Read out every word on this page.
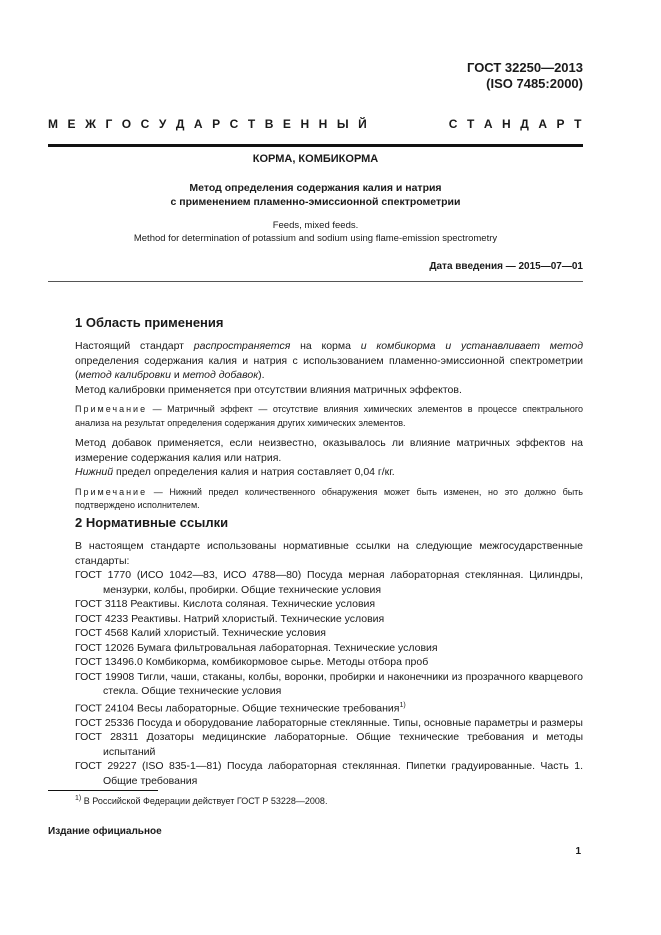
ГОСТ 32250—2013
(ISO 7485:2000)
М Е Ж Г О С У Д А Р С Т В Е Н Н Ы Й	С Т А Н Д А Р Т
КОРМА, КОМБИКОРМА
Метод определения содержания калия и натрия
с применением пламенно-эмиссионной спектрометрии
Feeds, mixed feeds.
Method for determination of potassium and sodium using flame-emission spectrometry
Дата введения — 2015—07—01
1 Область применения

Настоящий стандарт распространяется на корма и комбикорма и устанавливает метод определения содержания калия и натрия с использованием пламенно-эмиссионной спектрометрии (метод калибровки и метод добавок).

Метод калибровки применяется при отсутствии влияния матричных эффектов.

Примечание — Матричный эффект — отсутствие влияния химических элементов в процессе спектрального анализа на результат определения содержания других химических элементов.

Метод добавок применяется, если неизвестно, оказывалось ли влияние матричных эффектов на измерение содержания калия или натрия.

Нижний предел определения калия и натрия составляет 0,04 г/кг.

Примечание — Нижний предел количественного обнаружения может быть изменен, но это должно быть подтверждено исполнителем.

2 Нормативные ссылки

В настоящем стандарте использованы нормативные ссылки на следующие межгосударственные стандарты:

ГОСТ 1770 (ИСО 1042—83, ИСО 4788—80) Посуда мерная лабораторная стеклянная. Цилиндры, мензурки, колбы, пробирки. Общие технические условия

ГОСТ 3118 Реактивы. Кислота соляная. Технические условия

ГОСТ 4233 Реактивы. Натрий хлористый. Технические условия

ГОСТ 4568 Калий хлористый. Технические условия

ГОСТ 12026 Бумага фильтровальная лабораторная. Технические условия

ГОСТ 13496.0 Комбикорма, комбикормовое сырье. Методы отбора проб

ГОСТ 19908 Тигли, чаши, стаканы, колбы, воронки, пробирки и наконечники из прозрачного кварцевого стекла. Общие технические условия

ГОСТ 24104 Весы лабораторные. Общие технические требования$^{1)}$

ГОСТ 25336 Посуда и оборудование лабораторные стеклянные. Типы, основные параметры и размеры

ГОСТ 28311 Дозаторы медицинские лабораторные. Общие технические требования и методы испытаний

ГОСТ 29227 (ISO 835-1—81) Посуда лабораторная стеклянная. Пипетки градуированные. Часть 1. Общие требования

$^{1)}$ В Российской Федерации действует ГОСТ Р 53228—2008.
Издание официальное
1
